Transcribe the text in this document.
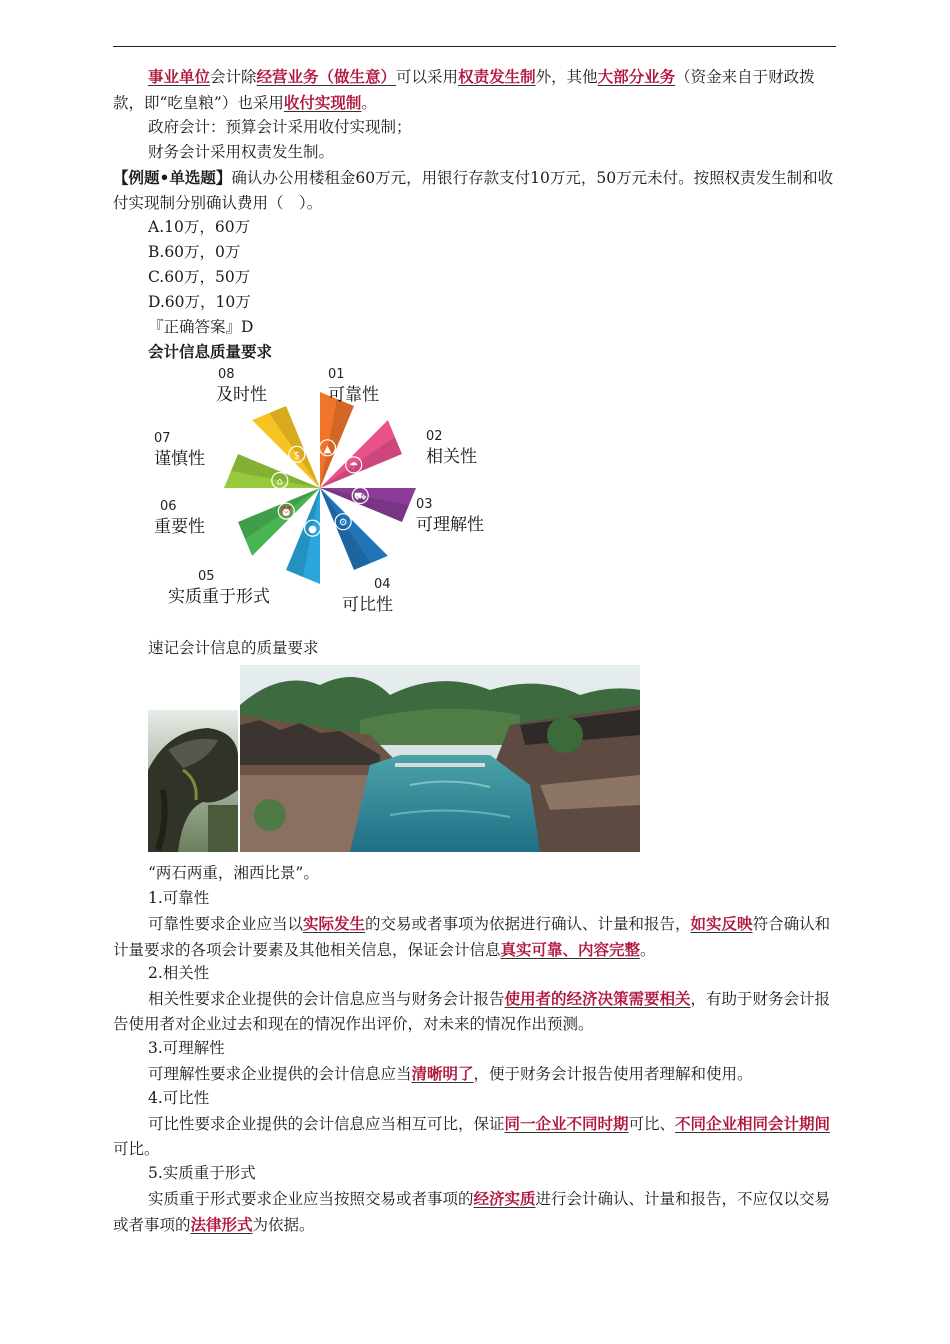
事业单位会计除经营业务（做生意）可以采用权责发生制外，其他大部分业务（资金来自于财政拨款，即“吃皇粮”）也采用收付实现制。

政府会计：预算会计采用收付实现制；

财务会计采用权责发生制。

【例题•单选题】确认办公用楼租金60万元，用银行存款支付10万元，50万元未付。按照权责发生制和收付实现制分别确认费用（　）。

A.10万，60万

B.60万，0万

C.60万，50万

D.60万，10万

『正确答案』D

会计信息质量要求

▲
☂
⛟
⚙
●
⏰
⌂
$
01
可靠性
02
相关性
03
可理解性
04
可比性
05
实质重于形式
06
重要性
07
谨慎性
08
及时性

速记会计信息的质量要求

“两石两重，湘西比景”。

1.可靠性

可靠性要求企业应当以实际发生的交易或者事项为依据进行确认、计量和报告，如实反映符合确认和计量要求的各项会计要素及其他相关信息，保证会计信息真实可靠、内容完整。

2.相关性

相关性要求企业提供的会计信息应当与财务会计报告使用者的经济决策需要相关，有助于财务会计报告使用者对企业过去和现在的情况作出评价，对未来的情况作出预测。

3.可理解性

可理解性要求企业提供的会计信息应当清晰明了，便于财务会计报告使用者理解和使用。

4.可比性

可比性要求企业提供的会计信息应当相互可比，保证同一企业不同时期可比、不同企业相同会计期间可比。

5.实质重于形式

实质重于形式要求企业应当按照交易或者事项的经济实质进行会计确认、计量和报告，不应仅以交易或者事项的法律形式为依据。
